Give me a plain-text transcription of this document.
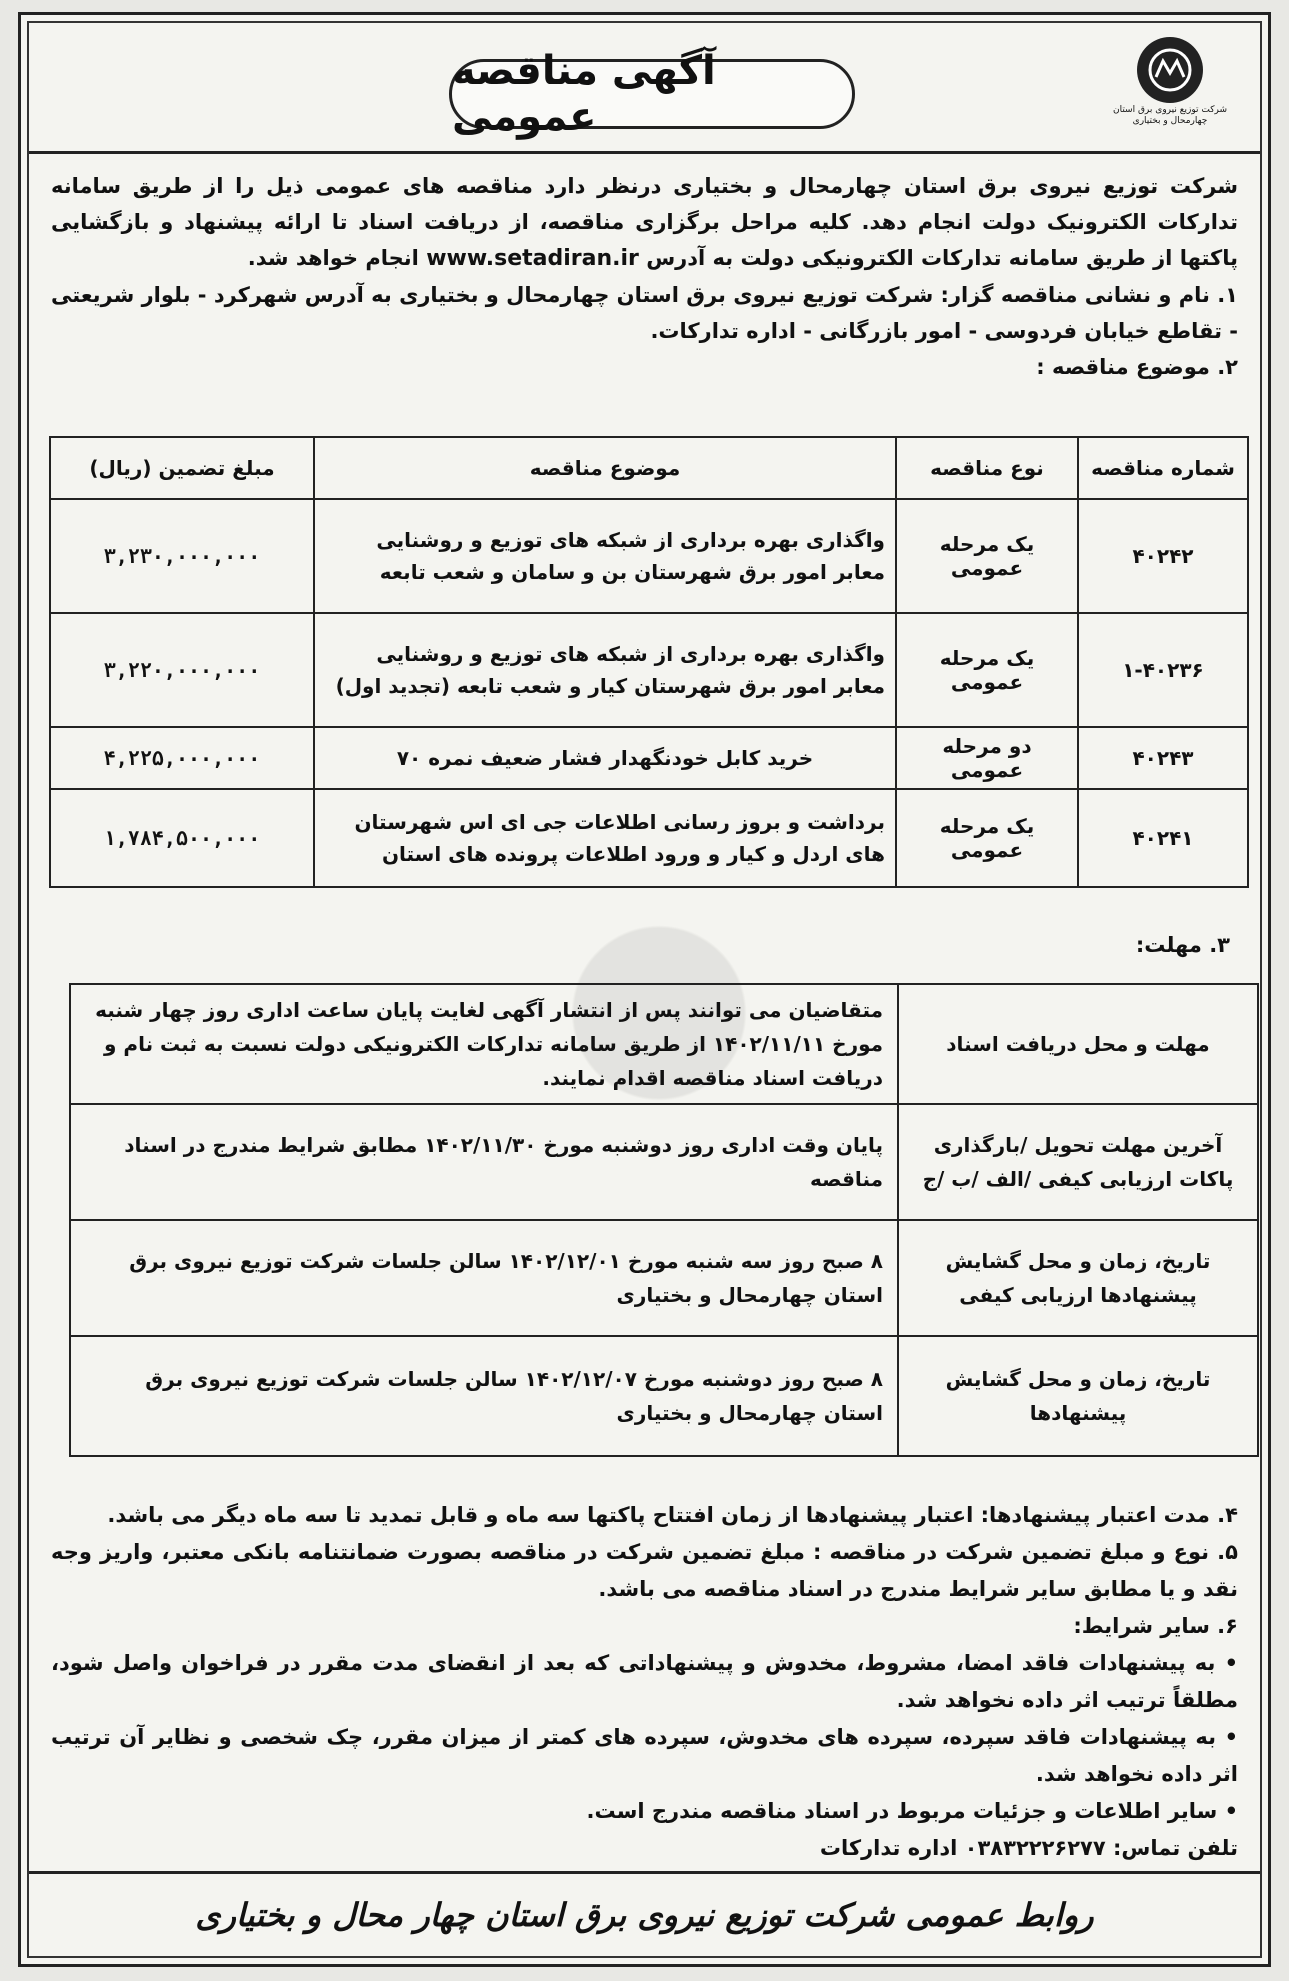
آگهی مناقصه عمومی	شرکت توزیع نیروی برق استان چهارمحال و بختیاری

شرکت توزیع نیروی برق استان چهارمحال و بختیاری درنظر دارد مناقصه های عمومی ذیل را از طریق سامانه تدارکات الکترونیک دولت انجام دهد. کلیه مراحل برگزاری مناقصه، از دریافت اسناد تا ارائه پیشنهاد و بازگشایی پاکتها از طریق سامانه تدارکات الکترونیکی دولت به آدرس www.setadiran.ir انجام خواهد شد.

۱. نام و نشانی مناقصه گزار: شرکت توزیع نیروی برق استان چهارمحال و بختیاری به آدرس شهرکرد - بلوار شریعتی - تقاطع خیابان فردوسی - امور بازرگانی - اداره تدارکات.

۲. موضوع مناقصه :

شماره مناقصه	نوع مناقصه	موضوع مناقصه	مبلغ تضمین (ریال)
۴۰۲۴۲	یک مرحله عمومی	واگذاری بهره برداری از شبکه های توزیع و روشنایی معابر امور برق شهرستان بن و سامان و شعب تابعه	۳,۲۳۰,۰۰۰,۰۰۰
۱-۴۰۲۳۶	یک مرحله عمومی	واگذاری بهره برداری از شبکه های توزیع و روشنایی معابر امور برق شهرستان کیار و شعب تابعه (تجدید اول)	۳,۲۲۰,۰۰۰,۰۰۰
۴۰۲۴۳	دو مرحله عمومی	خرید کابل خودنگهدار فشار ضعیف نمره ۷۰	۴,۲۲۵,۰۰۰,۰۰۰
۴۰۲۴۱	یک مرحله عمومی	برداشت و بروز رسانی اطلاعات جی ای اس شهرستان های اردل و کیار و ورود اطلاعات پرونده های استان	۱,۷۸۴,۵۰۰,۰۰۰
۳. مهلت:
مهلت و محل دریافت اسناد	متقاضیان می توانند پس از انتشار آگهی لغایت پایان ساعت اداری روز چهار شنبه مورخ ۱۴۰۲/۱۱/۱۱ از طریق سامانه تدارکات الکترونیکی دولت نسبت به ثبت نام و دریافت اسناد مناقصه اقدام نمایند.
آخرین مهلت تحویل /بارگذاری پاکات ارزیابی کیفی /الف /ب /ج	پایان وقت اداری روز دوشنبه مورخ ۱۴۰۲/۱۱/۳۰ مطابق شرایط مندرج در اسناد مناقصه
تاریخ، زمان و محل گشایش پیشنهادها ارزیابی کیفی	۸ صبح روز سه شنبه مورخ ۱۴۰۲/۱۲/۰۱ سالن جلسات شرکت توزیع نیروی برق استان چهارمحال و بختیاری
تاریخ، زمان و محل گشایش پیشنهادها	۸ صبح روز دوشنبه مورخ ۱۴۰۲/۱۲/۰۷ سالن جلسات شرکت توزیع نیروی برق استان چهارمحال و بختیاری

۴. مدت اعتبار پیشنهادها: اعتبار پیشنهادها از زمان افتتاح پاکتها سه ماه و قابل تمدید تا سه ماه دیگر می باشد.

۵. نوع و مبلغ تضمین شرکت در مناقصه : مبلغ تضمین شرکت در مناقصه بصورت ضمانتنامه بانکی معتبر، واریز وجه نقد و یا مطابق سایر شرایط مندرج در اسناد مناقصه می باشد.

۶. سایر شرایط:

• به پیشنهادات فاقد امضا، مشروط، مخدوش و پیشنهاداتی که بعد از انقضای مدت مقرر در فراخوان واصل شود، مطلقاً ترتیب اثر داده نخواهد شد.

• به پیشنهادات فاقد سپرده، سپرده های مخدوش، سپرده های کمتر از میزان مقرر، چک شخصی و نظایر آن ترتیب اثر داده نخواهد شد.

• سایر اطلاعات و جزئیات مربوط در اسناد مناقصه مندرج است.

تلفن تماس: ۰۳۸۳۲۲۲۶۲۷۷ اداره تدارکات

روابط عمومی شرکت توزیع نیروی برق استان چهار محال و بختیاری
